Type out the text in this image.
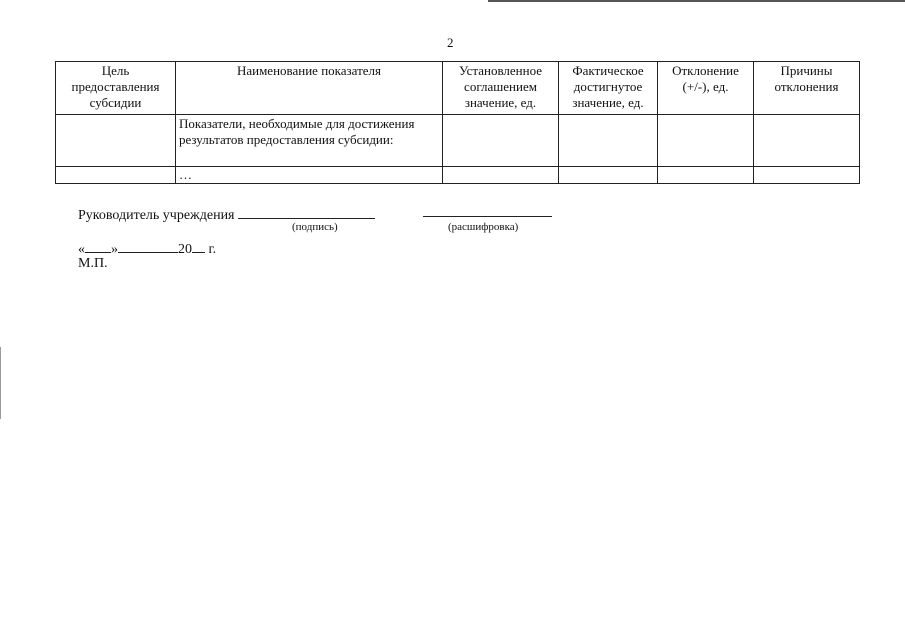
2
Цель предоставления субсидии	Наименование показателя	Установленное соглашением значение, ед.	Фактическое достигнутое значение, ед.	Отклонение (+/-), ед.	Причины отклонения
	Показатели, необходимые для достижения результатов предоставления субсидии:				
	…				
Руководитель учреждения
(подпись)	(расшифровка)
« »	20 г.
М.П.
